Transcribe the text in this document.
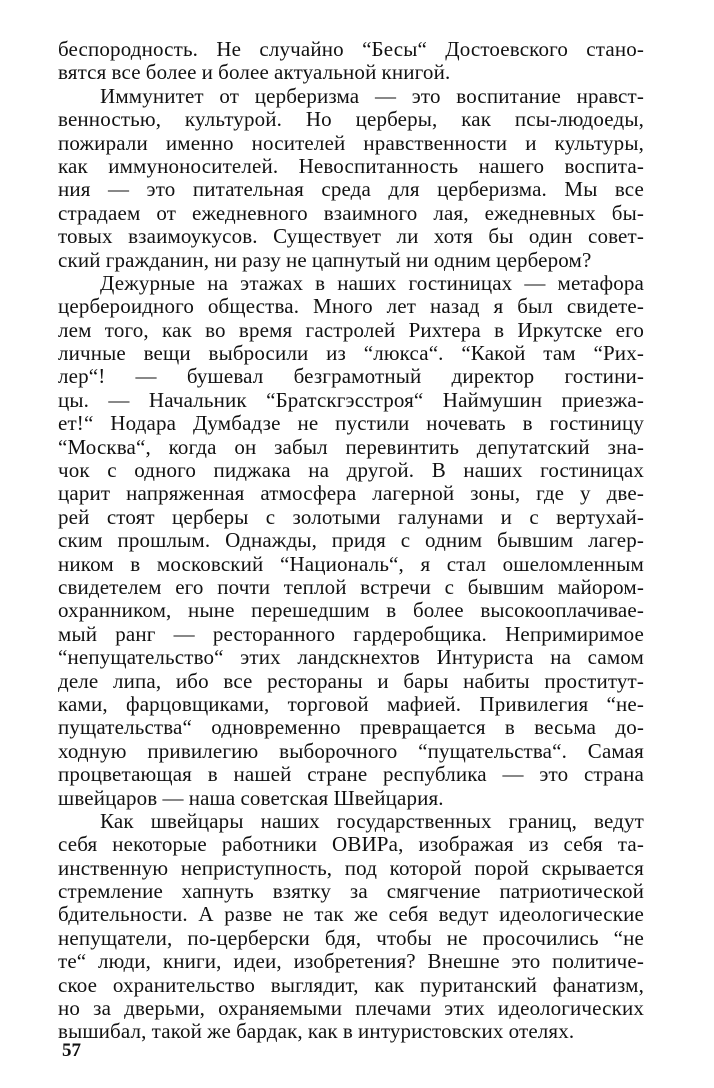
беспородность. Не случайно “Бесы“ Достоевского стано-
вятся все более и более актуальной книгой.
Иммунитет от церберизма — это воспитание нравст-
венностью, культурой. Но церберы, как псы-людоеды,
пожирали именно носителей нравственности и культуры,
как иммуноносителей. Невоспитанность нашего воспита-
ния — это питательная среда для церберизма. Мы все
страдаем от ежедневного взаимного лая, ежедневных бы-
товых взаимоукусов. Существует ли хотя бы один совет-
ский гражданин, ни разу не цапнутый ни одним цербером?
Дежурные на этажах в наших гостиницах — метафора
цербероидного общества. Много лет назад я был свидете-
лем того, как во время гастролей Рихтера в Иркутске его
личные вещи выбросили из “люкса“. “Какой там “Рих-
лер“! — бушевал безграмотный директор гостини-
цы. — Начальник “Братскгэсстроя“ Наймушин приезжа-
ет!“ Нодара Думбадзе не пустили ночевать в гостиницу
“Москва“, когда он забыл перевинтить депутатский зна-
чок с одного пиджака на другой. В наших гостиницах
царит напряженная атмосфера лагерной зоны, где у две-
рей стоят церберы с золотыми галунами и с вертухай-
ским прошлым. Однажды, придя с одним бывшим лагер-
ником в московский “Националь“, я стал ошеломленным
свидетелем его почти теплой встречи с бывшим майором-
охранником, ныне перешедшим в более высокооплачивае-
мый ранг — ресторанного гардеробщика. Непримиримое
“непущательство“ этих ландскнехтов Интуриста на самом
деле липа, ибо все рестораны и бары набиты проститут-
ками, фарцовщиками, торговой мафией. Привилегия “не-
пущательства“ одновременно превращается в весьма до-
ходную привилегию выборочного “пущательства“. Самая
процветающая в нашей стране республика — это страна
швейцаров — наша советская Швейцария.
Как швейцары наших государственных границ, ведут
себя некоторые работники ОВИРа, изображая из себя та-
инственную неприступность, под которой порой скрывается
стремление хапнуть взятку за смягчение патриотической
бдительности. А разве не так же себя ведут идеологические
непущатели, по-церберски бдя, чтобы не просочились “не
те“ люди, книги, идеи, изобретения? Внешне это политиче-
ское охранительство выглядит, как пуританский фанатизм,
но за дверьми, охраняемыми плечами этих идеологических
вышибал, такой же бардак, как в интуристовских отелях.
57
